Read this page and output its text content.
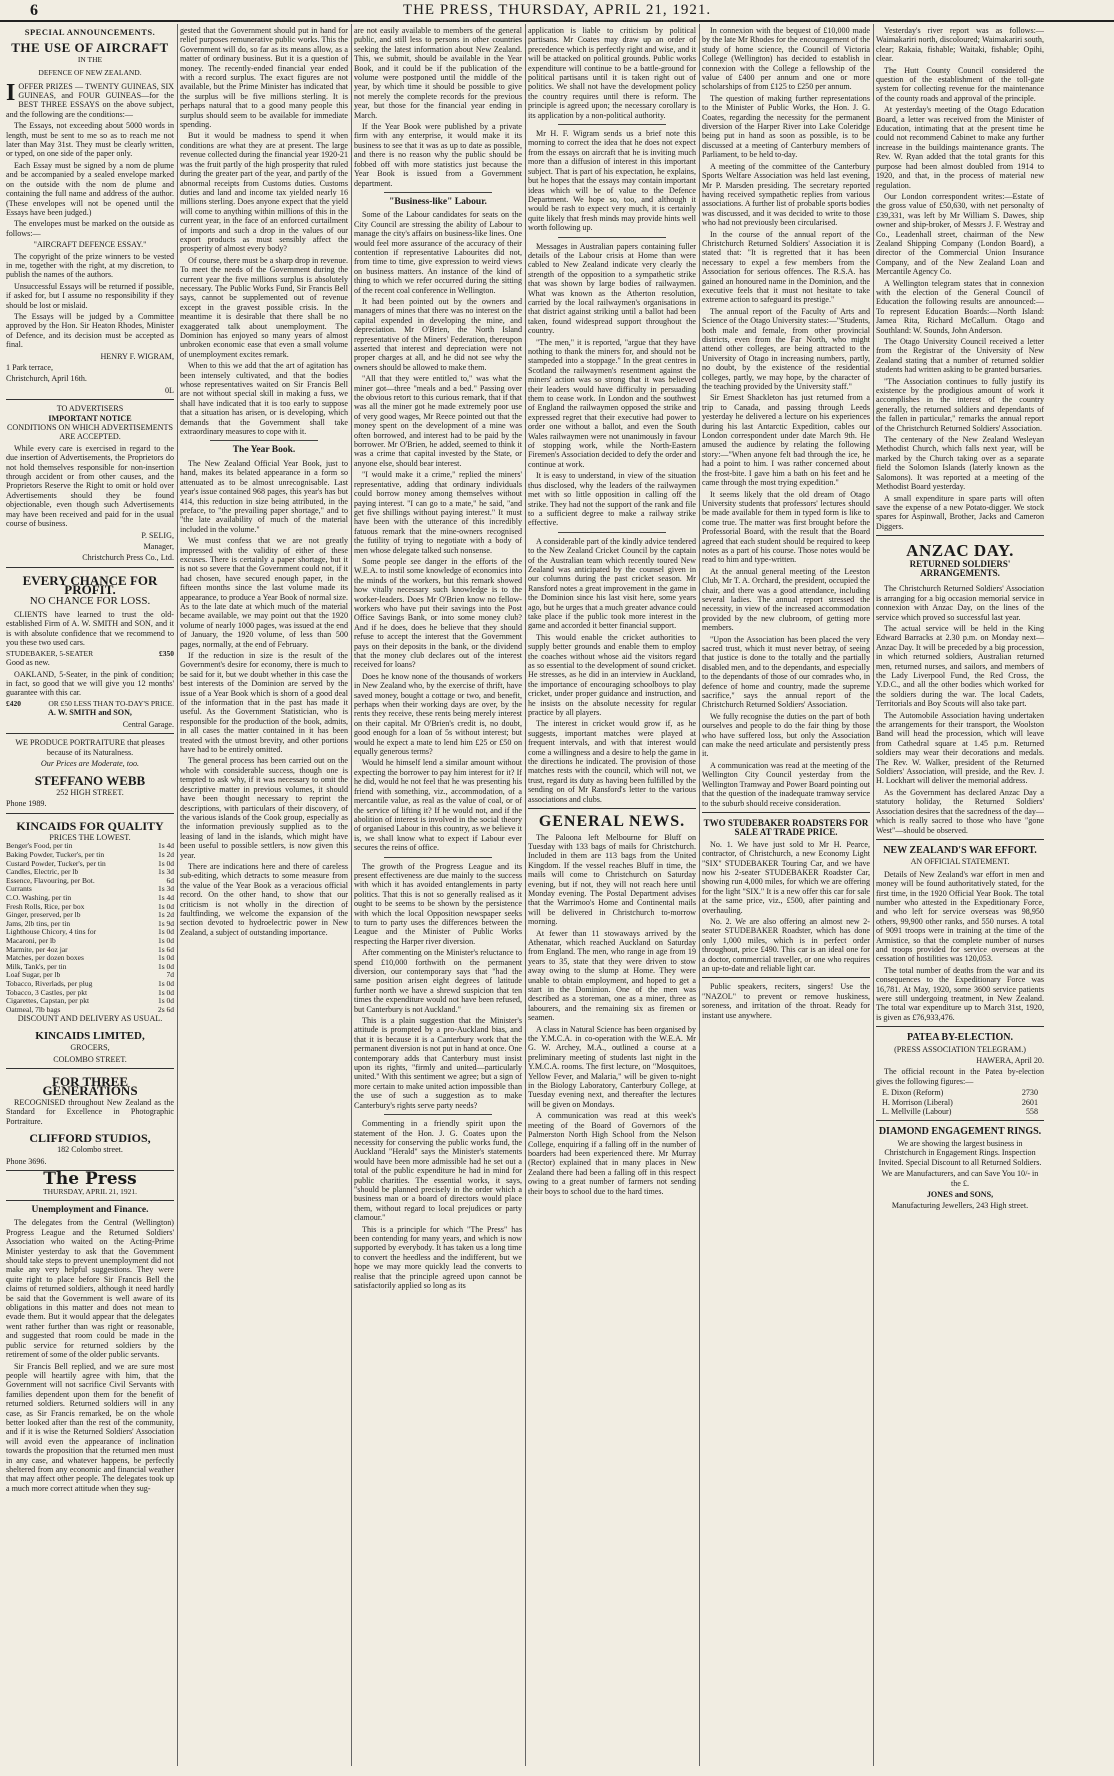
6	THE PRESS, THURSDAY, APRIL 21, 1921.
SPECIAL ANNOUNCEMENTS.
THE USE OF AIRCRAFT
IN THE
DEFENCE OF NEW ZEALAND.

IOFFER PRIZES — TWENTY GUINEAS, SIX GUINEAS, and FOUR GUINEAS—for the BEST THREE ESSAYS on the above subject, and the following are the conditions:—

The Essays, not exceeding about 5000 words in length, must be sent to me so as to reach me not later than May 31st. They must be clearly written, or typed, on one side of the paper only.

Each Essay must be signed by a nom de plume and be accompanied by a sealed envelope marked on the outside with the nom de plume and containing the full name and address of the author. (These envelopes will not be opened until the Essays have been judged.)

The envelopes must be marked on the outside as follows:—

"AIRCRAFT DEFENCE ESSAY."

The copyright of the prize winners to be vested in me, together with the right, at my discretion, to publish the names of the authors.

Unsuccessful Essays will be returned if possible, if asked for, but I assume no responsibility if they should be lost or mislaid.

The Essays will be judged by a Committee approved by the Hon. Sir Heaton Rhodes, Minister of Defence, and its decision must be accepted as final.

HENRY F. WIGRAM,

1 Park terrace,

Christchurch, April 16th.

0L

TO ADVERTISERS
IMPORTANT NOTICE

CONDITIONS ON WHICH ADVERTISEMENTS ARE ACCEPTED.

While every care is exercised in regard to the due insertion of Advertisements, the Proprietors do not hold themselves responsible for non-insertion through accident or from other causes, and the Proprietors Reserve the Right to omit or hold over Advertisements should they be found objectionable, even though such Advertisements may have been received and paid for in the usual course of business.

P. SELIG,

Manager,

Christchurch Press Co., Ltd.

EVERY CHANCE FOR PROFIT.
NO CHANCE FOR LOSS.

CLIENTS have learned to trust the old-established Firm of A. W. SMITH and SON, and it is with absolute confidence that we recommend to you these two used cars.

STUDEBAKER, 5-SEATER	£350

Good as new.

OAKLAND, 5-Seater, in the pink of condition; in fact, so good that we will give you 12 months' guarantee with this car.

£420	OR £50 LESS THAN TO-DAY'S PRICE.

A. W. SMITH and SON,

Central Garage.

WE PRODUCE PORTRAITURE that pleases because of its Naturalness.

Our Prices are Moderate, too.

STEFFANO WEBB

252 HIGH STREET.

Phone 1989.

KINCAIDS FOR QUALITY
PRICES THE LOWEST.
Benger's Food, per tin	1s 4d
Baking Powder, Tucker's, per tin	1s 2d
Custard Powder, Tucker's, per tin	1s 0d
Candles, Electric, per lb	1s 3d
Essence, Flavouring, per Bot.	6d
Currants	1s 3d
C.O. Washing, per tin	1s 4d
Fresh Rolls, Rice, per box	1s 0d
Ginger, preserved, per lb	1s 2d
Jams, 2lb tins, per tin	1s 9d
Lighthouse Chicory, 4 tins for	1s 0d
Macaroni, per lb	1s 0d
Marmite, per 4oz jar	1s 6d
Matches, per dozen boxes	1s 0d
Milk, Tank's, per tin	1s 0d
Loaf Sugar, per lb	7d
Tobacco, Riverlads, per plug	1s 0d
Tobacco, 3 Castles, per pkt	1s 0d
Cigarettes, Capstan, per pkt	1s 0d
Oatmeal, 7lb bags	2s 6d

DISCOUNT AND DELIVERY AS USUAL.

KINCAIDS LIMITED,

GROCERS,

COLOMBO STREET.

FOR THREE GENERATIONS

RECOGNISED throughout New Zealand as the Standard for Excellence in Photographic Portraiture.

CLIFFORD STUDIOS,

182 Colombo street.

Phone 3696.

The Press
THURSDAY, APRIL 21, 1921.
Unemployment and Finance.

The delegates from the Central (Wellington) Progress League and the Returned Soldiers' Association who waited on the Acting-Prime Minister yesterday to ask that the Government should take steps to prevent unemployment did not make any very helpful suggestions. They were quite right to place before Sir Francis Bell the claims of returned soldiers, although it need hardly be said that the Government is well aware of its obligations in this matter and does not mean to evade them. But it would appear that the delegates went rather further than was right or reasonable, and suggested that room could be made in the public service for returned soldiers by the retirement of some of the older public servants.

Sir Francis Bell replied, and we are sure most people will heartily agree with him, that the Government will not sacrifice Civil Servants with families dependent upon them for the benefit of returned soldiers. Returned soldiers will in any case, as Sir Francis remarked, be on the whole better looked after than the rest of the community, and if it is wise the Returned Soldiers' Association will avoid even the appearance of inclination towards the proposition that the returned men must in any case, and whatever happens, be perfectly sheltered from any economic and financial weather that may affect other people. The delegates took up a much more correct attitude when they sug-

gested that the Government should put in hand for relief purposes remunerative public works. This the Government will do, so far as its means allow, as a matter of ordinary business. But it is a question of money. The recently-ended financial year ended with a record surplus. The exact figures are not available, but the Prime Minister has indicated that the surplus will be five millions sterling. It is perhaps natural that to a good many people this surplus should seem to be available for immediate spending.

But it would be madness to spend it when conditions are what they are at present. The large revenue collected during the financial year 1920-21 was the fruit partly of the high prosperity that ruled during the greater part of the year, and partly of the abnormal receipts from Customs duties. Customs duties and land and income tax yielded nearly 16 millions sterling. Does anyone expect that the yield will come to anything within millions of this in the current year, in the face of an enforced curtailment of imports and such a drop in the values of our export products as must sensibly affect the prosperity of almost every body?

Of course, there must be a sharp drop in revenue. To meet the needs of the Government during the current year the five millions surplus is absolutely necessary. The Public Works Fund, Sir Francis Bell says, cannot be supplemented out of revenue except in the gravest possible crisis. In the meantime it is desirable that there shall be no exaggerated talk about unemployment. The Dominion has enjoyed so many years of almost unbroken economic ease that even a small volume of unemployment excites remark.

When to this we add that the art of agitation has been intensely cultivated, and that the bodies whose representatives waited on Sir Francis Bell are not without special skill in making a fuss, we shall have indicated that it is too early to suppose that a situation has arisen, or is developing, which demands that the Government shall take extraordinary measures to cope with it.

The Year Book.

The New Zealand Official Year Book, just to hand, makes its belated appearance in a form so attenuated as to be almost unrecognisable. Last year's issue contained 968 pages, this year's has but 414, this reduction in size being attributed, in the preface, to "the prevailing paper shortage," and to "the late availability of much of the material included in the volume."

We must confess that we are not greatly impressed with the validity of either of these excuses. There is certainly a paper shortage, but it is not so severe that the Government could not, if it had chosen, have secured enough paper, in the fifteen months since the last volume made its appearance, to produce a Year Book of normal size. As to the late date at which much of the material became available, we may point out that the 1920 volume of nearly 1000 pages, was issued at the end of January, the 1920 volume, of less than 500 pages, normally, at the end of February.

If the reduction in size is the result of the Government's desire for economy, there is much to be said for it, but we doubt whether in this case the best interests of the Dominion are served by the issue of a Year Book which is shorn of a good deal of the information that in the past has made it useful. As the Government Statistician, who is responsible for the production of the book, admits, in all cases the matter contained in it has been treated with the utmost brevity, and other portions have had to be entirely omitted.

The general process has been carried out on the whole with considerable success, though one is tempted to ask why, if it was necessary to omit the descriptive matter in previous volumes, it should have been thought necessary to reprint the descriptions, with particulars of their discovery, of the various islands of the Cook group, especially as the information previously supplied as to the leasing of land in the islands, which might have been useful to possible settlers, is now given this year.

There are indications here and there of careless sub-editing, which detracts to some measure from the value of the Year Book as a veracious official record. On the other hand, to show that our criticism is not wholly in the direction of faultfinding, we welcome the expansion of the section devoted to hydroelectric power in New Zealand, a subject of outstanding importance.

are not easily available to members of the general public, and still less to persons in other countries seeking the latest information about New Zealand. This, we submit, should be available in the Year Book, and it could be if the publication of the volume were postponed until the middle of the year, by which time it should be possible to give not merely the complete records for the previous year, but those for the financial year ending in March.

If the Year Book were published by a private firm with any enterprise, it would make it its business to see that it was as up to date as possible, and there is no reason why the public should be fobbed off with more statistics just because the Year Book is issued from a Government department.

"Business-like" Labour.

Some of the Labour candidates for seats on the City Council are stressing the ability of Labour to manage the city's affairs on business-like lines. One would feel more assurance of the accuracy of their contention if representative Labourites did not, from time to time, give expression to weird views on business matters. An instance of the kind of thing to which we refer occurred during the sitting of the recent coal conference in Wellington.

It had been pointed out by the owners and managers of mines that there was no interest on the capital expended in developing the mine, and depreciation. Mr O'Brien, the North Island representative of the Miners' Federation, thereupon asserted that interest and depreciation were not proper charges at all, and he did not see why the owners should be allowed to make them.

"All that they were entitled to," was what the miner got—three "meals and a bed." Passing over the obvious retort to this curious remark, that if that was all the miner got he made extremely poor use of very good wages, Mr Reece pointed out that the money spent on the development of a mine was often borrowed, and interest had to be paid by the borrower. Mr O'Brien, he added, seemed to think it was a crime that capital invested by the State, or anyone else, should bear interest.

"I would make it a crime," replied the miners' representative, adding that ordinary individuals could borrow money among themselves without paying interest. "I can go to a mate," he said, "and get five shillings without paying interest." It must have been with the utterance of this incredibly fatuous remark that the mine-owners recognised the futility of trying to negotiate with a body of men whose delegate talked such nonsense.

Some people see danger in the efforts of the W.E.A. to instil some knowledge of economics into the minds of the workers, but this remark showed how vitally necessary such knowledge is to the worker-leaders. Does Mr O'Brien know no fellow-workers who have put their savings into the Post Office Savings Bank, or into some money club? And if he does, does he believe that they should refuse to accept the interest that the Government pays on their deposits in the bank, or the dividend that the money club declares out of the interest received for loans?

Does he know none of the thousands of workers in New Zealand who, by the exercise of thrift, have saved money, bought a cottage or two, and benefit, perhaps when their working days are over, by the rents they receive, these rents being merely interest on their capital. Mr O'Brien's credit is, no doubt, good enough for a loan of 5s without interest; but would he expect a mate to lend him £25 or £50 on equally generous terms?

Would he himself lend a similar amount without expecting the borrower to pay him interest for it? If he did, would he not feel that he was presenting his friend with something, viz., accommodation, of a mercantile value, as real as the value of coal, or of the service of lifting it? If he would not, and if the abolition of interest is involved in the social theory of organised Labour in this country, as we believe it is, we shall know what to expect if Labour ever secures the reins of office.

The growth of the Progress League and its present effectiveness are due mainly to the success with which it has avoided entanglements in party politics. That this is not so generally realised as it ought to be seems to be shown by the persistence with which the local Opposition newspaper seeks to turn to party uses the differences between the League and the Minister of Public Works respecting the Harper river diversion.

After commenting on the Minister's reluctance to spend £10,000 forthwith on the permanent diversion, our contemporary says that "had the same position arisen eight degrees of latitude further north we have a shrewd suspicion that ten times the expenditure would not have been refused, but Canterbury is not Auckland."

This is a plain suggestion that the Minister's attitude is prompted by a pro-Auckland bias, and that it is because it is a Canterbury work that the permanent diversion is not put in hand at once. One contemporary adds that Canterbury must insist upon its rights, "firmly and united—particularly united." With this sentiment we agree; but a sign of more certain to make united action impossible than the use of such a suggestion as to make Canterbury's rights serve party needs?

Commenting in a friendly spirit upon the statement of the Hon. J. G. Coates upon the necessity for conserving the public works fund, the Auckland "Herald" says the Minister's statements would have been more admissible had he set out a total of the public expenditure he had in mind for public charities. The essential works, it says, "should be planned precisely in the order which a business man or a board of directors would place them, without regard to local prejudices or party clamour."

This is a principle for which "The Press" has been contending for many years, and which is now supported by everybody. It has taken us a long time to convert the heedless and the indifferent, but we hope we may more quickly lead the converts to realise that the principle agreed upon cannot be satisfactorily applied so long as its

application is liable to criticism by political partisans. Mr Coates may draw up an order of precedence which is perfectly right and wise, and it will be attacked on political grounds. Public works expenditure will continue to be a battle-ground for political partisans until it is taken right out of politics. We shall not have the development policy the country requires until there is reform. The principle is agreed upon; the necessary corollary is its application by a non-political authority.

Mr H. F. Wigram sends us a brief note this morning to correct the idea that he does not expect from the essays on aircraft that he is inviting much more than a diffusion of interest in this important subject. That is part of his expectation, he explains, but he hopes that the essays may contain important ideas which will be of value to the Defence Department. We hope so, too, and although it would be rash to expect very much, it is certainly quite likely that fresh minds may provide hints well worth following up.

Messages in Australian papers containing fuller details of the Labour crisis at Home than were cabled to New Zealand indicate very clearly the strength of the opposition to a sympathetic strike that was shown by large bodies of railwaymen. What was known as the Atherton resolution, carried by the local railwaymen's organisations in that district against striking until a ballot had been taken, found widespread support throughout the country.

"The men," it is reported, "argue that they have nothing to thank the miners for, and should not be stampeded into a stoppage." In the great centres in Scotland the railwaymen's resentment against the miners' action was so strong that it was believed their leaders would have difficulty in persuading them to cease work. In London and the southwest of England the railwaymen opposed the strike and expressed regret that their executive had power to order one without a ballot, and even the South Wales railwaymen were not unanimously in favour of stopping work, while the North-Eastern Firemen's Association decided to defy the order and continue at work.

It is easy to understand, in view of the situation thus disclosed, why the leaders of the railwaymen met with so little opposition in calling off the strike. They had not the support of the rank and file to a sufficient degree to make a railway strike effective.

A considerable part of the kindly advice tendered to the New Zealand Cricket Council by the captain of the Australian team which recently toured New Zealand was anticipated by the counsel given in our columns during the past cricket season. Mr Ransford notes a great improvement in the game in the Dominion since his last visit here, some years ago, but he urges that a much greater advance could take place if the public took more interest in the game and accorded it better financial support.

This would enable the cricket authorities to supply better grounds and enable them to employ the coaches without whose aid the visitors regard as so essential to the development of sound cricket. He stresses, as he did in an interview in Auckland, the importance of encouraging schoolboys to play cricket, under proper guidance and instruction, and he insists on the absolute necessity for regular practice by all players.

The interest in cricket would grow if, as he suggests, important matches were played at frequent intervals, and with that interest would come a willingness and a desire to help the game in the directions he indicated. The provision of those matches rests with the council, which will not, we trust, regard its duty as having been fulfilled by the sending on of Mr Ransford's letter to the various associations and clubs.

GENERAL NEWS.

The Paloona left Melbourne for Bluff on Tuesday with 133 bags of mails for Christchurch. Included in them are 113 bags from the United Kingdom. If the vessel reaches Bluff in time, the mails will come to Christchurch on Saturday evening, but if not, they will not reach here until Monday evening. The Postal Department advises that the Warrimoo's Home and Continental mails will be delivered in Christchurch to-morrow morning.

At fewer than 11 stowaways arrived by the Athenatar, which reached Auckland on Saturday from England. The men, who range in age from 19 years to 35, state that they were driven to stow away owing to the slump at Home. They were unable to obtain employment, and hoped to get a start in the Dominion. One of the men was described as a storeman, one as a miner, three as labourers, and the remaining six as firemen or seamen.

A class in Natural Science has been organised by the Y.M.C.A. in co-operation with the W.E.A. Mr G. W. Archey, M.A., outlined a course at a preliminary meeting of students last night in the Y.M.C.A. rooms. The first lecture, on "Mosquitoes, Yellow Fever, and Malaria," will be given to-night in the Biology Laboratory, Canterbury College, at Tuesday evening next, and thereafter the lectures will be given on Mondays.

A communication was read at this week's meeting of the Board of Governors of the Palmerston North High School from the Nelson College, enquiring if a falling off in the number of boarders had been experienced there. Mr Murray (Rector) explained that in many places in New Zealand there had been a falling off in this respect owing to a great number of farmers not sending their boys to school due to the hard times.

In connexion with the bequest of £10,000 made by the late Mr Rhodes for the encouragement of the study of home science, the Council of Victoria College (Wellington) has decided to establish in connexion with the College a fellowship of the value of £400 per annum and one or more scholarships of from £125 to £250 per annum.

The question of making further representations to the Minister of Public Works, the Hon. J. G. Coates, regarding the necessity for the permanent diversion of the Harper River into Lake Coleridge being put in hand as soon as possible, is to be discussed at a meeting of Canterbury members of Parliament, to be held to-day.

A meeting of the committee of the Canterbury Sports Welfare Association was held last evening, Mr P. Marsden presiding. The secretary reported having received sympathetic replies from various associations. A further list of probable sports bodies was discussed, and it was decided to write to those who had not previously been circularised.

In the course of the annual report of the Christchurch Returned Soldiers' Association it is stated that: "It is regretted that it has been necessary to expel a few members from the Association for serious offences. The R.S.A. has gained an honoured name in the Dominion, and the executive feels that it must not hesitate to take extreme action to safeguard its prestige."

The annual report of the Faculty of Arts and Science of the Otago University states:—"Students, both male and female, from other provincial districts, even from the Far North, who might attend other colleges, are being attracted to the University of Otago in increasing numbers, partly, no doubt, by the existence of the residential colleges, partly, we may hope, by the character of the teaching provided by the University staff."

Sir Ernest Shackleton has just returned from a trip to Canada, and passing through Leeds yesterday he delivered a lecture on his experiences during his last Antarctic Expedition, cables our London correspondent under date March 9th. He amused the audience by relating the following story:—"When anyone felt bad through the ice, he had a point to him. I was rather concerned about the frost-bite. I gave him a bath on his feet and he came through the most trying expedition."

It seems likely that the old dream of Otago University students that professors' lectures should be made available for them in typed form is like to come true. The matter was first brought before the Professorial Board, with the result that the Board agreed that each student should be required to keep notes as a part of his course. Those notes would be read to him and type-written.

At the annual general meeting of the Leeston Club, Mr T. A. Orchard, the president, occupied the chair, and there was a good attendance, including several ladies. The annual report stressed the necessity, in view of the increased accommodation provided by the new clubroom, of getting more members.

"Upon the Association has been placed the very sacred trust, which it must never betray, of seeing that justice is done to the totally and the partially disabled men, and to the dependants, and especially to the dependants of those of our comrades who, in defence of home and country, made the supreme sacrifice," says the annual report of the Christchurch Returned Soldiers' Association.

We fully recognise the duties on the part of both ourselves and people to do the fair thing by those who have suffered loss, but only the Association can make the need articulate and persistently press it.

A communication was read at the meeting of the Wellington City Council yesterday from the Wellington Tramway and Power Board pointing out that the question of the inadequate tramway service to the suburb should receive consideration.

TWO STUDEBAKER ROADSTERS FOR SALE AT TRADE PRICE.

No. 1. We have just sold to Mr H. Pearce, contractor, of Christchurch, a new Economy Light "SIX" STUDEBAKER Touring Car, and we have now his 2-seater STUDEBAKER Roadster Car, showing run 4,000 miles, for which we are offering for the light "SIX." It is a new offer this car for sale at the same price, viz., £500, after painting and overhauling.

No. 2. We are also offering an almost new 2-seater STUDEBAKER Roadster, which has done only 1,000 miles, which is in perfect order throughout, price £490. This car is an ideal one for a doctor, commercial traveller, or one who requires an up-to-date and reliable light car.

Public speakers, reciters, singers! Use the "NAZOL" to prevent or remove huskiness, soreness, and irritation of the throat. Ready for instant use anywhere.

Yesterday's river report was as follows:—Waimakariri north, discoloured; Waimakariri south, clear; Rakaia, fishable; Waitaki, fishable; Opihi, clear.

The Hutt County Council considered the question of the establishment of the toll-gate system for collecting revenue for the maintenance of the county roads and approval of the principle.

At yesterday's meeting of the Otago Education Board, a letter was received from the Minister of Education, intimating that at the present time he could not recommend Cabinet to make any further increase in the buildings maintenance grants. The Rev. W. Ryan added that the total grants for this purpose had been almost doubled from 1914 to 1920, and that, in the process of material new regulation.

Our London correspondent writes:—Estate of the gross value of £50,630, with net personalty of £39,331, was left by Mr William S. Dawes, ship owner and ship-broker, of Messrs J. F. Westray and Co., Leadenhall street, chairman of the New Zealand Shipping Company (London Board), a director of the Commercial Union Insurance Company, and of the New Zealand Loan and Mercantile Agency Co.

A Wellington telegram states that in connexion with the election of the General Council of Education the following results are announced:—To represent Education Boards:—North Island: Jamea Rita, Richard McCallum. Otago and Southland: W. Sounds, John Anderson.

The Otago University Council received a letter from the Registrar of the University of New Zealand stating that a number of returned soldier students had written asking to be granted bursaries.

"The Association continues to fully justify its existence by the prodigious amount of work it accomplishes in the interest of the country generally, the returned soldiers and dependants of the fallen in particular," remarks the annual report of the Christchurch Returned Soldiers' Association.

The centenary of the New Zealand Wesleyan Methodist Church, which falls next year, will be marked by the Church taking over as a separate field the Solomon Islands (laterly known as the Salomons). It was reported at a meeting of the Methodist Board yesterday.

A small expenditure in spare parts will often save the expense of a new Potato-digger. We stock spares for Aspinwall, Brother, Jacks and Cameron Diggers.

ANZAC DAY.
RETURNED SOLDIERS' ARRANGEMENTS.

The Christchurch Returned Soldiers' Association is arranging for a big occasion memorial service in connexion with Anzac Day, on the lines of the service which proved so successful last year.

The actual service will be held in the King Edward Barracks at 2.30 p.m. on Monday next—Anzac Day. It will be preceded by a big procession, in which returned soldiers, Australian returned men, returned nurses, and sailors, and members of the Lady Liverpool Fund, the Red Cross, the Y.D.C., and all the other bodies which worked for the soldiers during the war. The local Cadets, Territorials and Boy Scouts will also take part.

The Automobile Association having undertaken the arrangements for their transport, the Woolston Band will head the procession, which will leave from Cathedral square at 1.45 p.m. Returned soldiers may wear their decorations and medals. The Rev. W. Walker, president of the Returned Soldiers' Association, will preside, and the Rev. J. H. Lockhart will deliver the memorial address.

As the Government has declared Anzac Day a statutory holiday, the Returned Soldiers' Association desires that the sacredness of the day—which is really sacred to those who have "gone West"—should be observed.

NEW ZEALAND'S WAR EFFORT.
AN OFFICIAL STATEMENT.

Details of New Zealand's war effort in men and money will be found authoritatively stated, for the first time, in the 1920 Official Year Book. The total number who attested in the Expeditionary Force, and who left for service overseas was 98,950 others, 99,900 other ranks, and 550 nurses. A total of 9091 troops were in training at the time of the Armistice, so that the complete number of nurses and troops provided for service overseas at the cessation of hostilities was 120,053.

The total number of deaths from the war and its consequences to the Expeditionary Force was 16,781. At May, 1920, some 3600 service patients were still undergoing treatment, in New Zealand. The total war expenditure up to March 31st, 1920, is given as £76,933,476.

PATEA BY-ELECTION.

(PRESS ASSOCIATION TELEGRAM.)

HAWERA, April 20.

The official recount in the Patea by-election gives the following figures:—

E. Dixon (Reform)	2730
H. Morrison (Liberal)	2601
L. Mellville (Labour)	558
DIAMOND ENGAGEMENT RINGS.

We are showing the largest business in Christchurch in Engagement Rings. Inspection Invited. Special Discount to all Returned Soldiers.

We are Manufacturers, and can Save You 10/- in the £.

JONES and SONS,

Manufacturing Jewellers, 243 High street.
